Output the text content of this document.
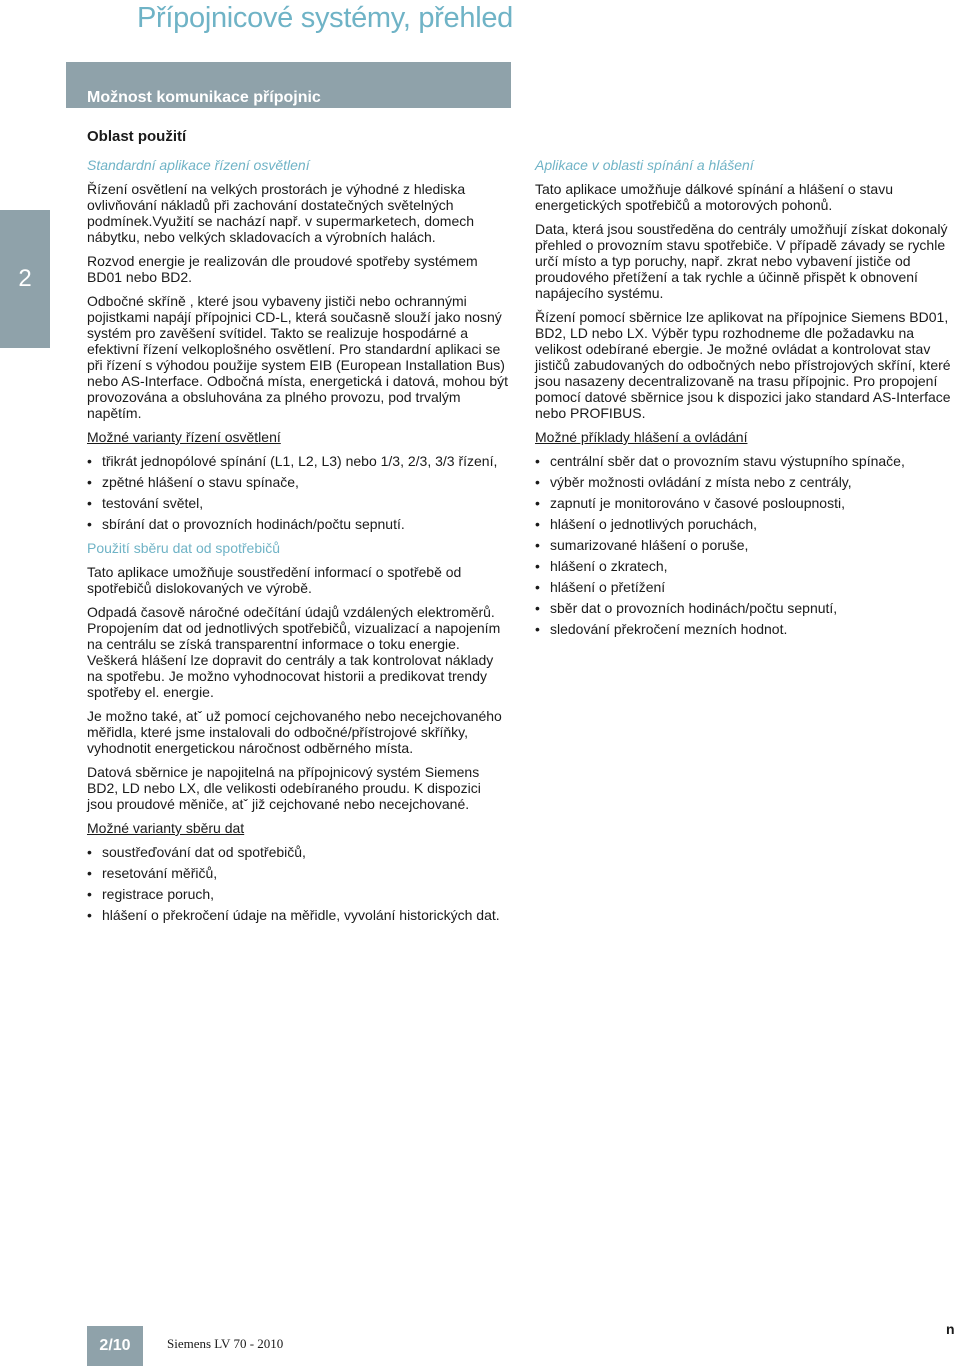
Přípojnicové systémy, přehled
Možnost komunikace přípojnic
2
Oblast použití

Standardní aplikace řízení osvětlení

Řízení osvětlení na velkých prostorách je výhodné z hlediska ovlivňování nákladů při zachování dostatečných světelných podmínek.Využití se nachází např. v supermarketech, domech nábytku, nebo velkých skladovacích a výrobních halách.

Rozvod energie je realizován dle proudové spotřeby systémem BD01 nebo BD2.

Odbočné skříně , které jsou vybaveny jističi nebo ochrannými pojistkami napájí přípojnici CD-L, která současně slouží jako nosný systém pro zavěšení svítidel. Takto se realizuje hospodárné a efektivní řízení velkoplošného osvětlení. Pro standardní aplikaci se při řízení s výhodou použije system EIB (European Installation Bus) nebo AS-Interface. Odbočná místa, energetická i datová, mohou být provozována a obsluhována za plného provozu, pod trvalým napětím.

Možné varianty řízení osvětlení

• třikrát jednopólové spínání (L1, L2, L3) nebo 1/3, 2/3, 3/3 řízení,
• zpětné hlášení o stavu spínače,
• testování světel,
• sbírání dat o provozních hodinách/počtu sepnutí.

Použití sběru dat od spotřebičů

Tato aplikace umožňuje soustředění informací o spotřebě od spotřebičů dislokovaných ve výrobě.

Odpadá časově náročné odečítání údajů vzdálených elektroměrů. Propojením dat od jednotlivých spotřebičů, vizualizací a napojením na centrálu se získá transparentní informace o toku energie. Veškerá hlášení lze dopravit do centrály a tak kontrolovat náklady na spotřebu. Je možno vyhodnocovat historii a predikovat trendy spotřeby el. energie.

Je možno také, atˇ už pomocí cejchovaného nebo necejchovaného měřidla, které jsme instalovali do odbočné/přístrojové skříňky, vyhodnotit energetickou náročnost odběrného místa.

Datová sběrnice je napojitelná na přípojnicový systém Siemens BD2, LD nebo LX, dle velikosti odebíraného proudu. K dispozici jsou proudové měniče, atˇ již cejchované nebo necejchované.

Možné varianty sběru dat

• soustřeďování dat od spotřebičů,
• resetování měřičů,
• registrace poruch,
• hlášení o překročení údaje na měřidle, vyvolání historických dat.

Aplikace v oblasti spínání a hlášení

Tato aplikace umožňuje dálkové spínání a hlášení o stavu energetických spotřebičů a motorových pohonů.

Data, která jsou soustředěna do centrály umožňují získat dokonalý přehled o provozním stavu spotřebiče. V případě závady se rychle určí místo a typ poruchy, např. zkrat nebo vybavení jističe od proudového přetížení a tak rychle a účinně přispět k obnovení napájecího systému.

Řízení pomocí sběrnice lze aplikovat na přípojnice Siemens BD01, BD2, LD nebo LX. Výběr typu rozhodneme dle požadavku na velikost odebírané ebergie. Je možné ovládat a kontrolovat stav jističů zabudovaných do odbočných nebo přístrojových skříní, které jsou nasazeny decentralizovaně na trasu přípojnic. Pro propojení pomocí datové sběrnice jsou k dispozici jako standard AS-Interface nebo PROFIBUS.

Možné příklady hlášení a ovládání

• centrální sběr dat o provozním stavu výstupního spínače,
• výběr možnosti ovládání z místa nebo z centrály,
• zapnutí je monitorováno v časové posloupnosti,
• hlášení o jednotlivých poruchách,
• sumarizované hlášení o poruše,
• hlášení o zkratech,
• hlášení o přetížení
• sběr dat o provozních hodinách/počtu sepnutí,
• sledování překročení mezních hodnot.
2/10	Siemens LV 70 - 2010
n
